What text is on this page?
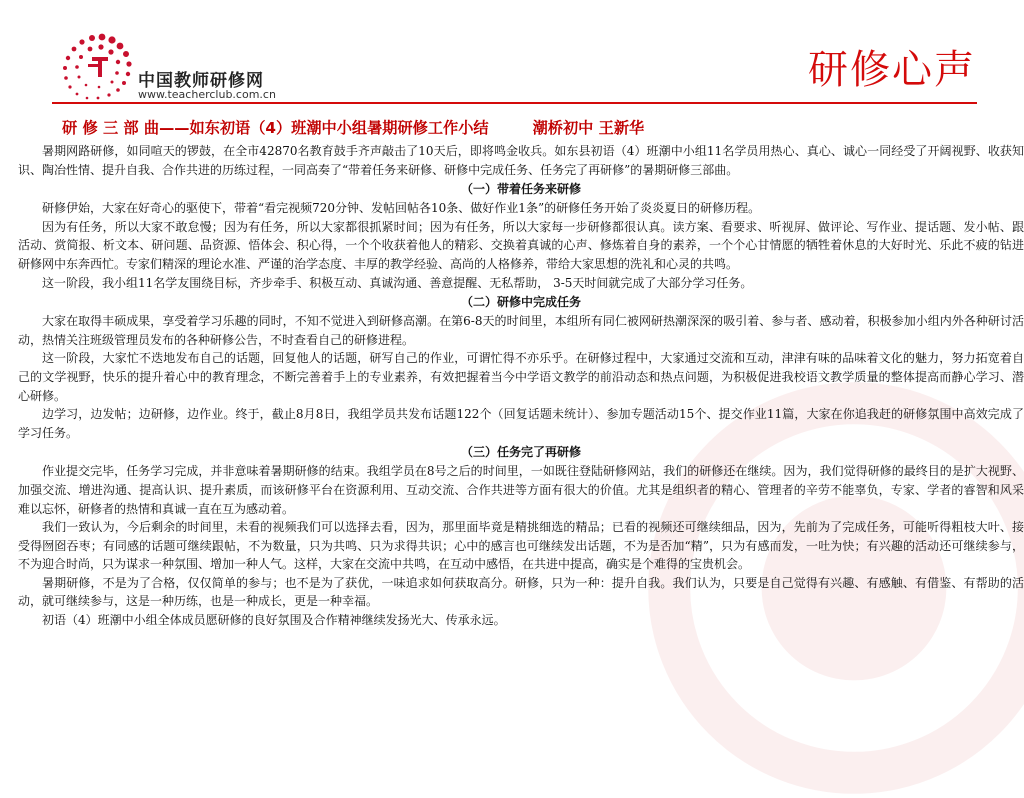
中国教师研修网
www.teacherclub.com.cn
研修心声
研 修 三 部 曲——如东初语（4）班潮中小组暑期研修工作小结	潮桥初中 王新华

暑期网路研修，如同喧天的锣鼓，在全市42870名教育鼓手齐声敲击了10天后，即将鸣金收兵。如东县初语（4）班潮中小组11名学员用热心、真心、诚心一同经受了开阔视野、收获知识、陶冶性情、提升自我、合作共进的历练过程，一同高奏了“带着任务来研修、研修中完成任务、任务完了再研修”的暑期研修三部曲。

（一）带着任务来研修

研修伊始，大家在好奇心的驱使下，带着“看完视频720分钟、发帖回帖各10条、做好作业1条”的研修任务开始了炎炎夏日的研修历程。

因为有任务，所以大家不敢怠慢；因为有任务，所以大家都很抓紧时间；因为有任务，所以大家每一步研修都很认真。读方案、看要求、听视屏、做评论、写作业、提话题、发小帖、跟活动、赏简报、析文本、研问题、品资源、悟体会、积心得，一个个收获着他人的精彩、交换着真诚的心声、修炼着自身的素养，一个个心甘情愿的牺牲着休息的大好时光、乐此不疲的钻进研修网中东奔西忙。专家们精深的理论水准、严谨的治学态度、丰厚的教学经验、高尚的人格修养，带给大家思想的洗礼和心灵的共鸣。

这一阶段，我小组11名学友围绕目标，齐步牵手、积极互动、真诚沟通、善意提醒、无私帮助， 3-5天时间就完成了大部分学习任务。

（二）研修中完成任务

大家在取得丰硕成果，享受着学习乐趣的同时，不知不觉进入到研修高潮。在第6-8天的时间里，本组所有同仁被网研热潮深深的吸引着、参与者、感动着，积极参加小组内外各种研讨活动，热情关注班级管理员发布的各种研修公告，不时查看自己的研修进程。

这一阶段，大家忙不迭地发布自己的话题，回复他人的话题，研写自己的作业，可谓忙得不亦乐乎。在研修过程中，大家通过交流和互动，津津有味的品味着文化的魅力，努力拓宽着自己的文学视野，快乐的提升着心中的教育理念，不断完善着手上的专业素养，有效把握着当今中学语文教学的前沿动态和热点问题，为积极促进我校语文教学质量的整体提高而静心学习、潜心研修。

边学习，边发帖；边研修，边作业。终于，截止8月8日，我组学员共发布话题122个（回复话题未统计）、参加专题活动15个、提交作业11篇，大家在你追我赶的研修氛围中高效完成了学习任务。

（三）任务完了再研修

作业提交完毕，任务学习完成，并非意味着暑期研修的结束。我组学员在8号之后的时间里，一如既往登陆研修网站，我们的研修还在继续。因为，我们觉得研修的最终目的是扩大视野、加强交流、增进沟通、提高认识、提升素质，而该研修平台在资源利用、互动交流、合作共进等方面有很大的价值。尤其是组织者的精心、管理者的辛劳不能辜负，专家、学者的睿智和风采难以忘怀，研修者的热情和真诚一直在互为感动着。

我们一致认为，今后剩余的时间里，未看的视频我们可以选择去看，因为，那里面毕竟是精挑细选的精品；已看的视频还可继续细品，因为，先前为了完成任务，可能听得粗枝大叶、接受得囫囵吞枣；有同感的话题可继续跟帖，不为数量，只为共鸣、只为求得共识；心中的感言也可继续发出话题，不为是否加“精”，只为有感而发，一吐为快；有兴趣的活动还可继续参与，不为迎合时尚，只为谋求一种氛围、增加一种人气。这样，大家在交流中共鸣，在互动中感悟，在共进中提高，确实是个难得的宝贵机会。

暑期研修，不是为了合格，仅仅简单的参与；也不是为了获优，一味追求如何获取高分。研修，只为一种：提升自我。我们认为，只要是自己觉得有兴趣、有感触、有借鉴、有帮助的活动，就可继续参与，这是一种历练，也是一种成长，更是一种幸福。

初语（4）班潮中小组全体成员愿研修的良好氛围及合作精神继续发扬光大、传承永远。
